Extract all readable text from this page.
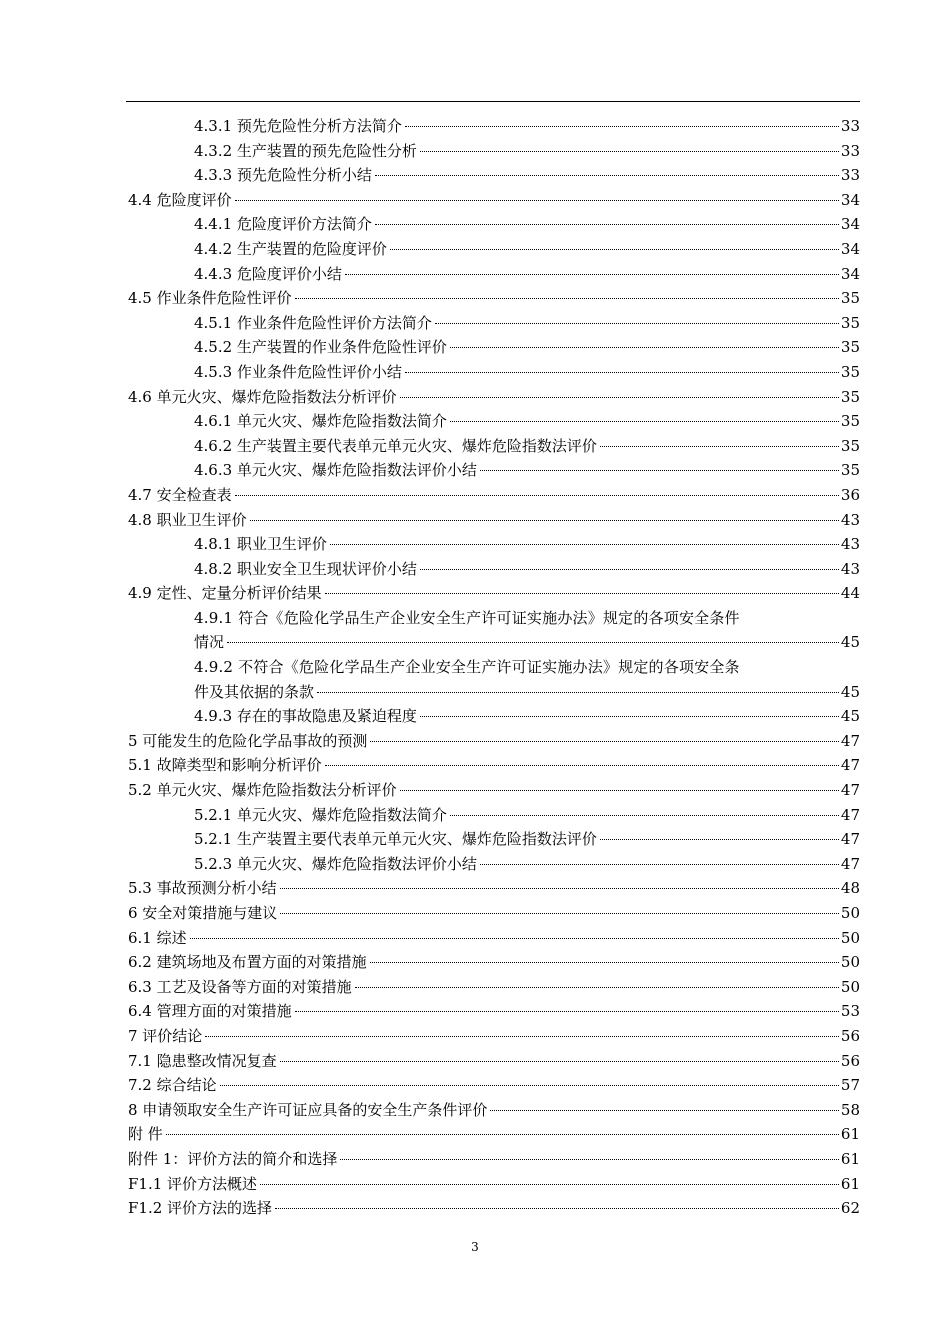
4.3.1 预先危险性分析方法简介	33
4.3.2 生产装置的预先危险性分析	33
4.3.3 预先危险性分析小结	33
4.4 危险度评价	34
4.4.1 危险度评价方法简介	34
4.4.2 生产装置的危险度评价	34
4.4.3 危险度评价小结	34
4.5 作业条件危险性评价	35
4.5.1 作业条件危险性评价方法简介	35
4.5.2 生产装置的作业条件危险性评价	35
4.5.3 作业条件危险性评价小结	35
4.6 单元火灾、爆炸危险指数法分析评价	35
4.6.1 单元火灾、爆炸危险指数法简介	35
4.6.2 生产装置主要代表单元单元火灾、爆炸危险指数法评价	35
4.6.3 单元火灾、爆炸危险指数法评价小结	35
4.7 安全检查表	36
4.8 职业卫生评价	43
4.8.1 职业卫生评价	43
4.8.2 职业安全卫生现状评价小结	43
4.9 定性、定量分析评价结果	44
4.9.1 符合《危险化学品生产企业安全生产许可证实施办法》规定的各项安全条件
情况	45
4.9.2 不符合《危险化学品生产企业安全生产许可证实施办法》规定的各项安全条
件及其依据的条款	45
4.9.3 存在的事故隐患及紧迫程度	45
5 可能发生的危险化学品事故的预测	47
5.1 故障类型和影响分析评价	47
5.2 单元火灾、爆炸危险指数法分析评价	47
5.2.1 单元火灾、爆炸危险指数法简介	47
5.2.1 生产装置主要代表单元单元火灾、爆炸危险指数法评价	47
5.2.3 单元火灾、爆炸危险指数法评价小结	47
5.3 事故预测分析小结	48
6 安全对策措施与建议	50
6.1 综述	50
6.2 建筑场地及布置方面的对策措施	50
6.3 工艺及设备等方面的对策措施	50
6.4 管理方面的对策措施	53
7 评价结论	56
7.1 隐患整改情况复查	56
7.2 综合结论	57
8 申请领取安全生产许可证应具备的安全生产条件评价	58
附 件	61
附件 1：评价方法的简介和选择	61
F1.1 评价方法概述	61
F1.2 评价方法的选择	62
3
